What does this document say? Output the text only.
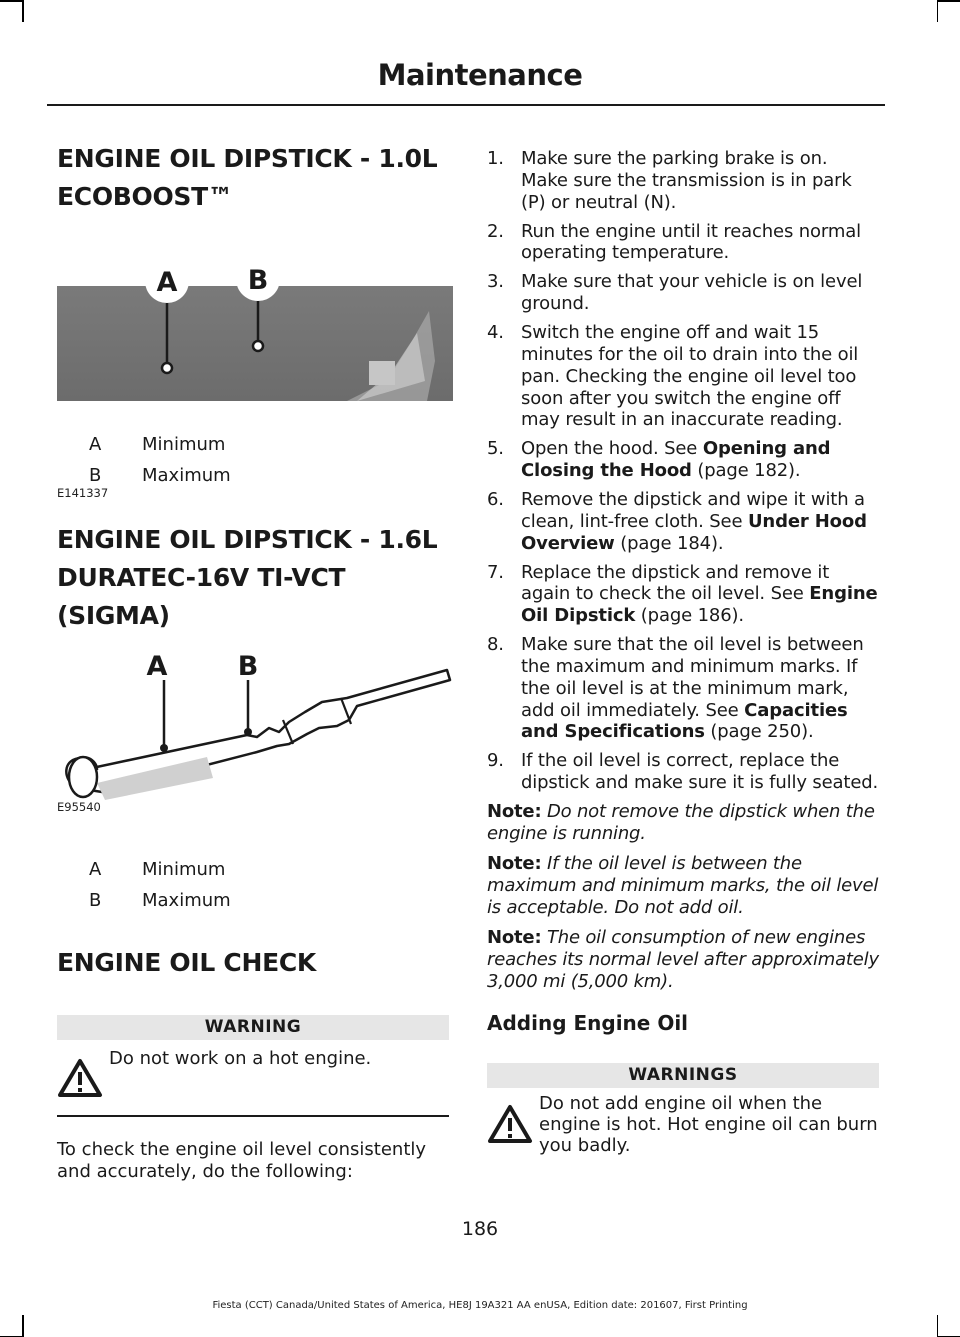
Maintenance
ENGINE OIL DIPSTICK - 1.0L ECOBOOST™
A	B
E141337
A	Minimum
B	Maximum
ENGINE OIL DIPSTICK - 1.6L DURATEC-16V TI-VCT (SIGMA)
A	B
E95540
A	Minimum
B	Maximum
ENGINE OIL CHECK
WARNING
Do not work on a hot engine.

To check the engine oil level consistently and accurately, do the following:

1. Make sure the parking brake is on. Make sure the transmission is in park (P) or neutral (N).
2. Run the engine until it reaches normal operating temperature.
3. Make sure that your vehicle is on level ground.
4. Switch the engine off and wait 15 minutes for the oil to drain into the oil pan. Checking the engine oil level too soon after you switch the engine off may result in an inaccurate reading.
5. Open the hood. See Opening and Closing the Hood (page 182).
6. Remove the dipstick and wipe it with a clean, lint-free cloth. See Under Hood Overview (page 184).
7. Replace the dipstick and remove it again to check the oil level. See Engine Oil Dipstick (page 186).
8. Make sure that the oil level is between the maximum and minimum marks. If the oil level is at the minimum mark, add oil immediately. See Capacities and Specifications (page 250).
9. If the oil level is correct, replace the dipstick and make sure it is fully seated.

Note: Do not remove the dipstick when the engine is running.

Note: If the oil level is between the maximum and minimum marks, the oil level is acceptable. Do not add oil.

Note: The oil consumption of new engines reaches its normal level after approximately 3,000 mi (5,000 km).

Adding Engine Oil
WARNINGS
Do not add engine oil when the engine is hot. Hot engine oil can burn you badly.
186
Fiesta (CCT) Canada/United States of America, HE8J 19A321 AA enUSA, Edition date: 201607, First Printing
